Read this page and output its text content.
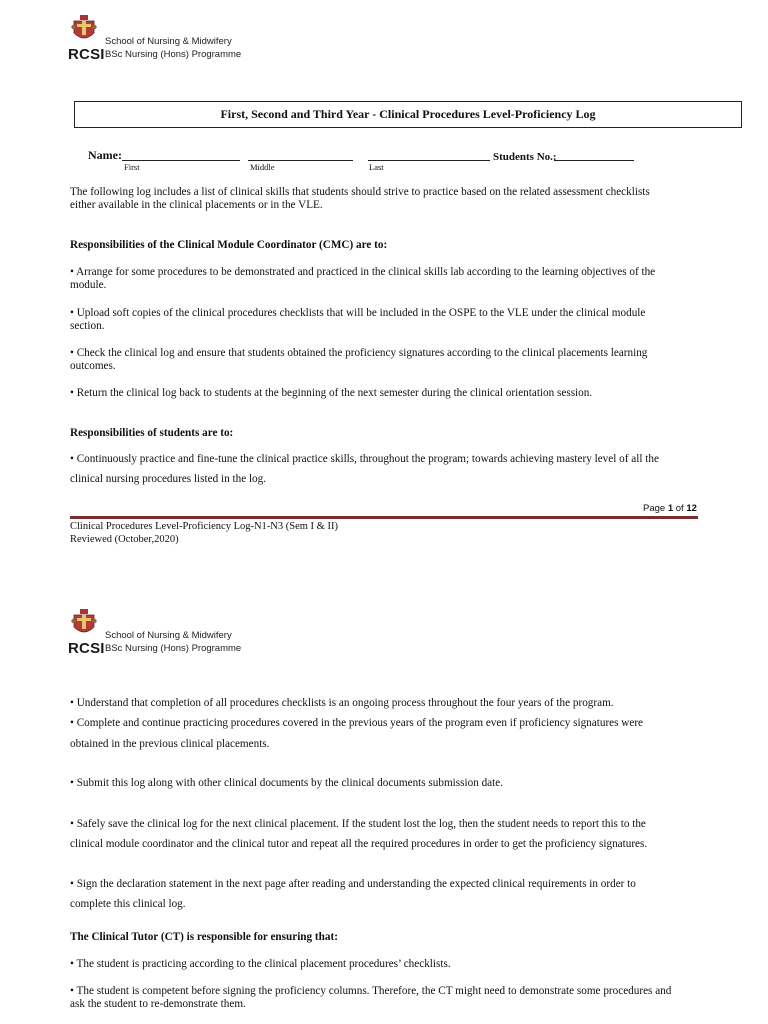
RCSI
School of Nursing & Midwifery
BSc Nursing (Hons) Programme
First, Second and Third Year - Clinical Procedures Level-Proficiency Log
Name:
First	Middle	Last
Students No.:
The following log includes a list of clinical skills that students should strive to practice based on the related assessment checklists
either available in the clinical placements or in the VLE.
Responsibilities of the Clinical Module Coordinator (CMC) are to:
• Arrange for some procedures to be demonstrated and practiced in the clinical skills lab according to the learning objectives of the
module.
• Upload soft copies of the clinical procedures checklists that will be included in the OSPE to the VLE under the clinical module
section.
• Check the clinical log and ensure that students obtained the proficiency signatures according to the clinical placements learning
outcomes.
• Return the clinical log back to students at the beginning of the next semester during the clinical orientation session.
Responsibilities of students are to:
• Continuously practice and fine-tune the clinical practice skills, throughout the program; towards achieving mastery level of all the
clinical nursing procedures listed in the log.
Page 1 of 12
Clinical Procedures Level-Proficiency Log-N1-N3 (Sem I & II)
Reviewed (October,2020)
RCSI
School of Nursing & Midwifery
BSc Nursing (Hons) Programme
• Understand that completion of all procedures checklists is an ongoing process throughout the four years of the program.
• Complete and continue practicing procedures covered in the previous years of the program even if proficiency signatures were
obtained in the previous clinical placements.
• Submit this log along with other clinical documents by the clinical documents submission date.
• Safely save the clinical log for the next clinical placement. If the student lost the log, then the student needs to report this to the
clinical module coordinator and the clinical tutor and repeat all the required procedures in order to get the proficiency signatures.
• Sign the declaration statement in the next page after reading and understanding the expected clinical requirements in order to
complete this clinical log.
The Clinical Tutor (CT) is responsible for ensuring that:
• The student is practicing according to the clinical placement procedures’ checklists.
• The student is competent before signing the proficiency columns. Therefore, the CT might need to demonstrate some procedures and
ask the student to re-demonstrate them.
